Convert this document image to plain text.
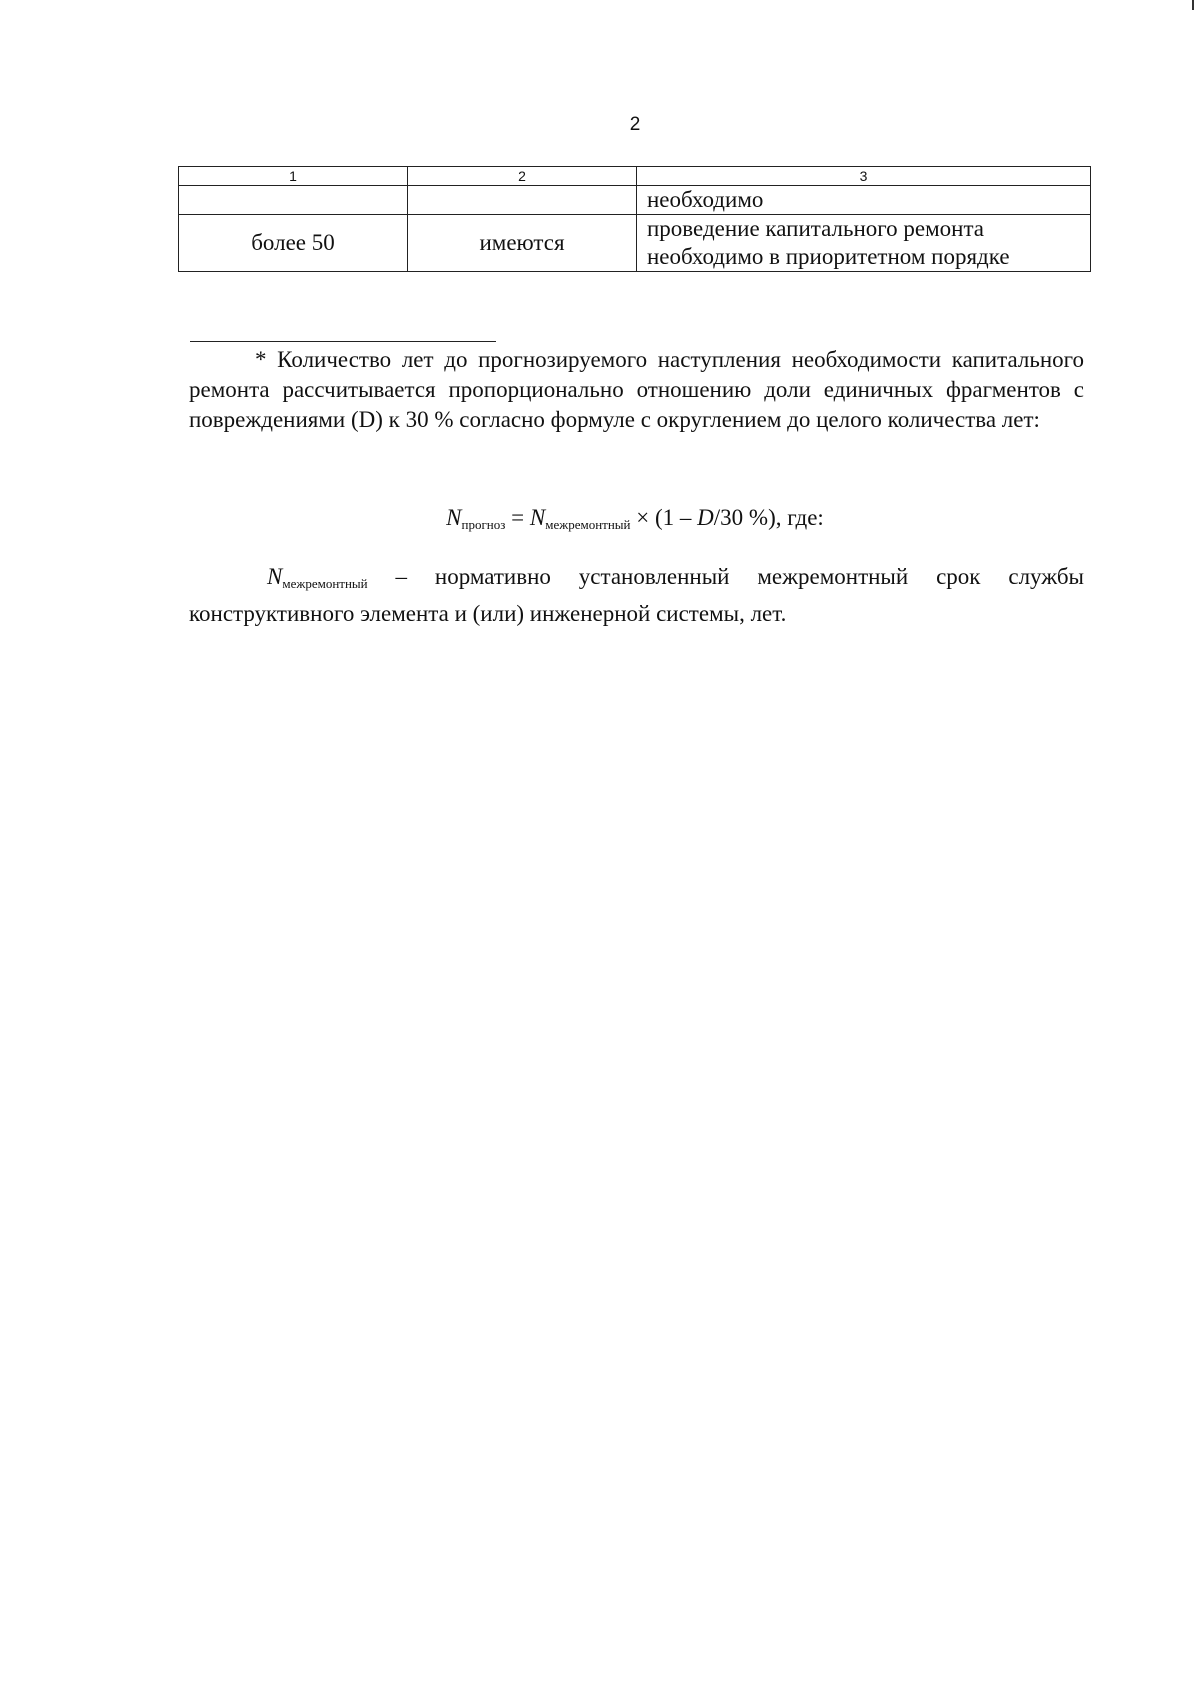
2
1	2	3
		необходимо
более 50	имеются	проведение капитального ремонта необходимо в приоритетном порядке

* Количество лет до прогнозируемого наступления необходимости капитального ремонта рассчитывается пропорционально отношению доли единичных фрагментов с повреждениями (D) к 30 % согласно формуле с округлением до целого количества лет:

$N_{прогноз} = N_{межремонтный} \times (1 - D/30$ %), где:

$N_{межремонтный}$ – нормативно установленный межремонтный срок службы конструктивного элемента и (или) инженерной системы, лет.
